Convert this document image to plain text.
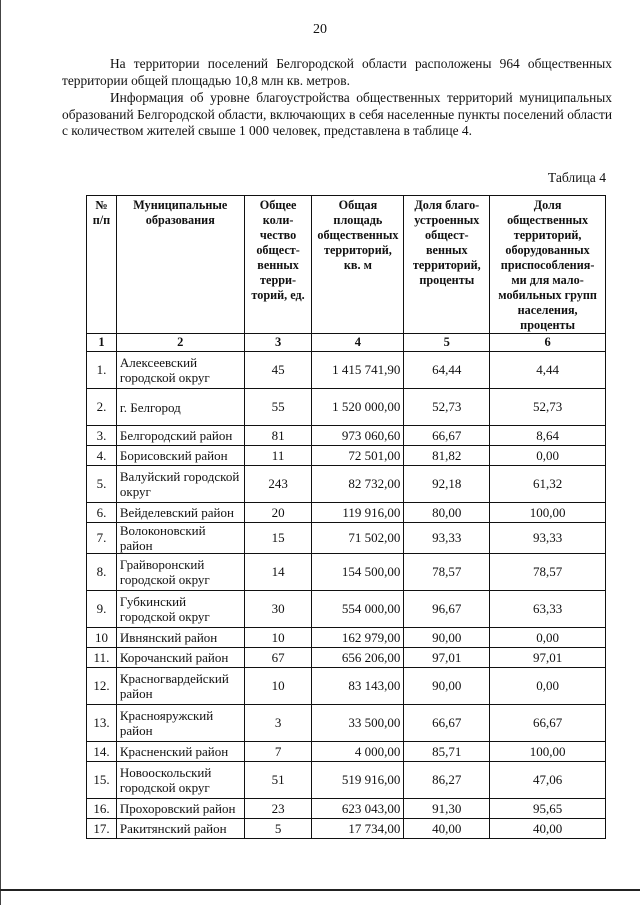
20

На территории поселений Белгородской области расположены 964 общественных территории общей площадью 10,8 млн кв. метров.

Информация об уровне благоустройства общественных территорий муниципальных образований Белгородской области, включающих в себя населенные пункты поселений области с количеством жителей свыше 1 000 человек, представлена в таблице 4.

Таблица 4
№ п/п	Муниципальные образования	Общее коли-чество общест-венных терри-торий, ед.	Общая площадь общественных территорий, кв. м	Доля благо-устроенных общест-венных территорий, проценты	Доля общественных территорий, оборудованных приспособления-ми для мало-мобильных групп населения, проценты
1	2	3	4	5	6
1.	Алексеевский городской округ	45	1 415 741,90	64,44	4,44
2.	г. Белгород	55	1 520 000,00	52,73	52,73
3.	Белгородский район	81	973 060,60	66,67	8,64
4.	Борисовский район	11	72 501,00	81,82	0,00
5.	Валуйский городской округ	243	82 732,00	92,18	61,32
6.	Вейделевский район	20	119 916,00	80,00	100,00
7.	Волоконовский район	15	71 502,00	93,33	93,33
8.	Грайворонский городской округ	14	154 500,00	78,57	78,57
9.	Губкинский городской округ	30	554 000,00	96,67	63,33
10	Ивнянский район	10	162 979,00	90,00	0,00
11.	Корочанский район	67	656 206,00	97,01	97,01
12.	Красногвардейский район	10	83 143,00	90,00	0,00
13.	Краснояружский район	3	33 500,00	66,67	66,67
14.	Красненский район	7	4 000,00	85,71	100,00
15.	Новооскольский городской округ	51	519 916,00	86,27	47,06
16.	Прохоровский район	23	623 043,00	91,30	95,65
17.	Ракитянский район	5	17 734,00	40,00	40,00
